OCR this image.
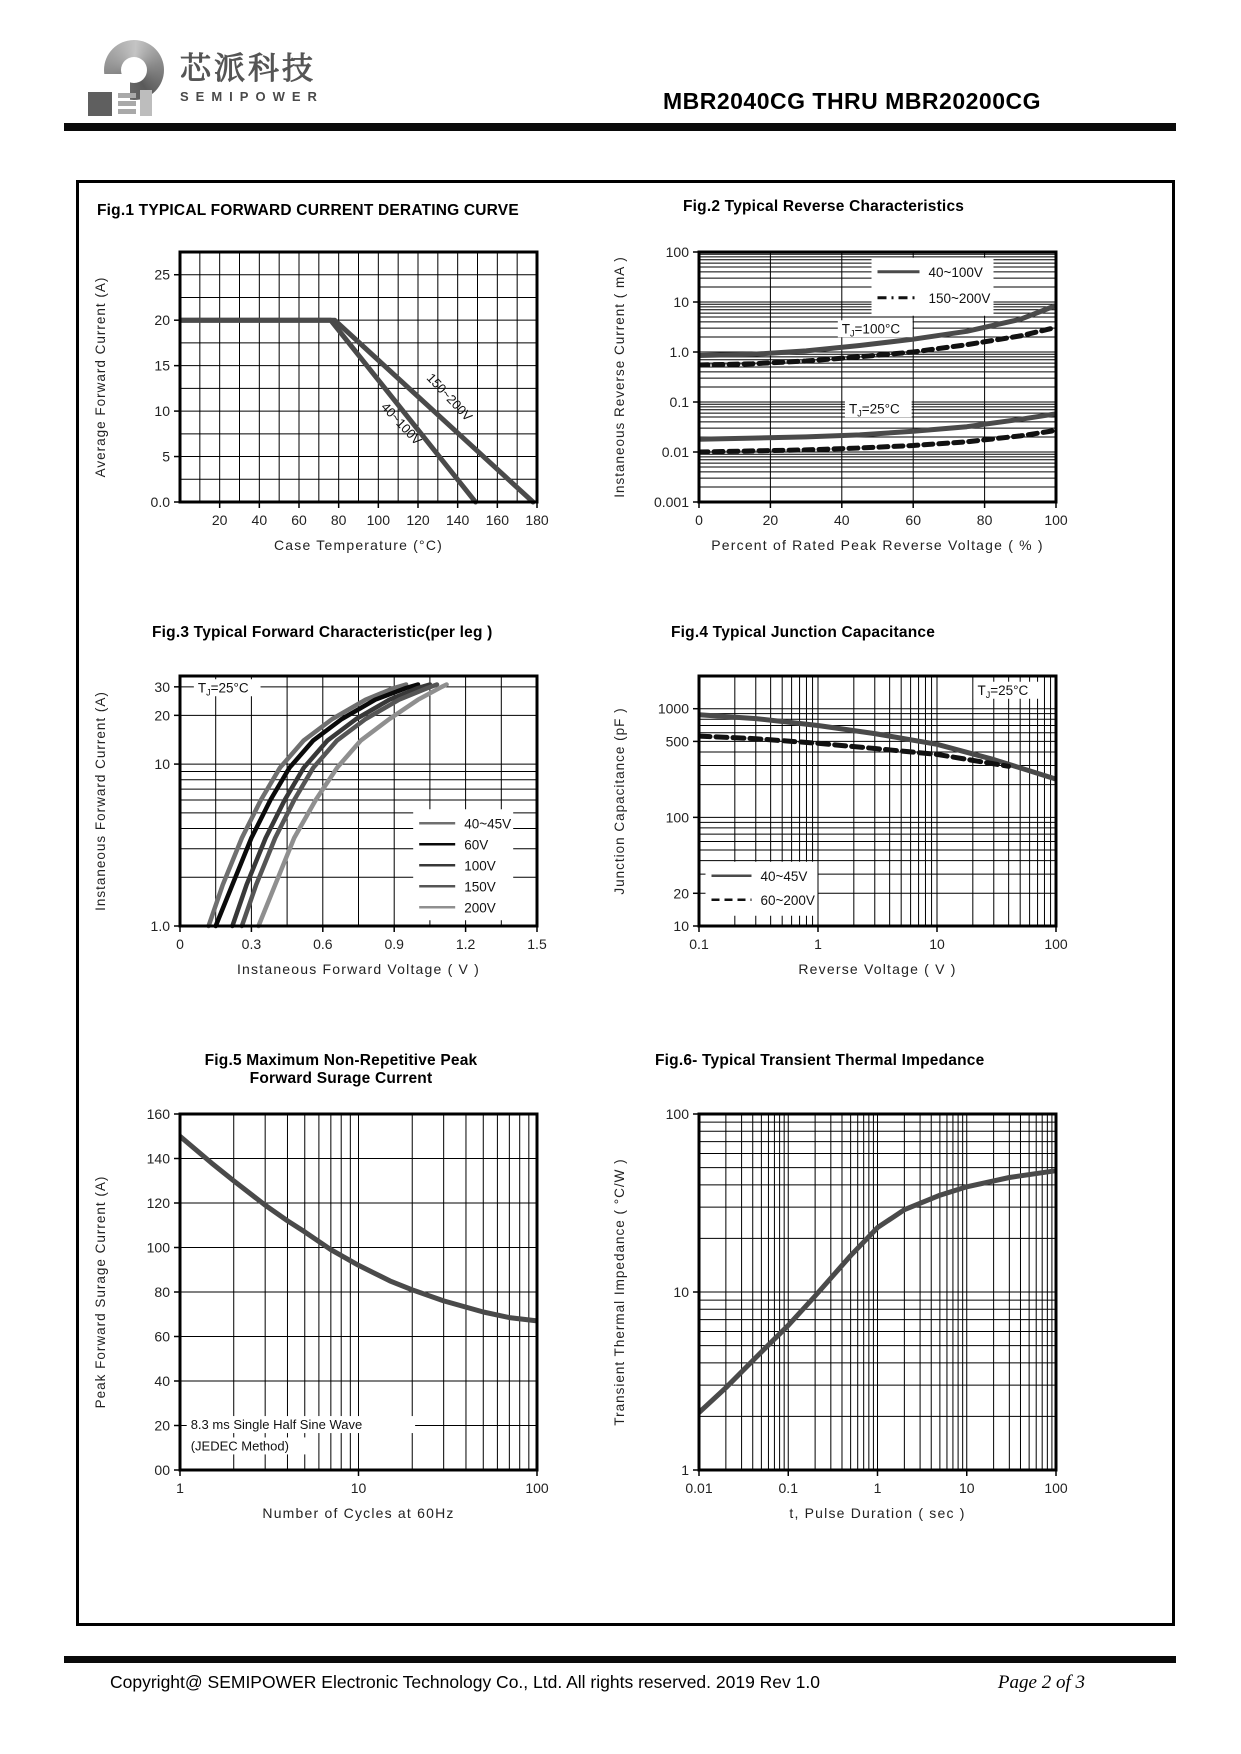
芯派科技
SEMIPOWER	MBR2040CG THRU MBR20200CG
Fig.1 TYPICAL FORWARD CURRENT DERATING CURVE
20 40 60 80 100 120 140 160 180
0.0
5
10
15
20
25
Case Temperature (°C)
Average Forward Current (A)	150~200V
40~100V
Fig.2 Typical Reverse Characteristics
0	20	40	60	80	100
100
10
1.0
0.1
0.01
0.001
Percent of Rated Peak Reverse Voltage ( % )
Instaneous Reverse Current ( mA )	40~100V
150~200V
$T_J=100^\circ C$
$T_J=25^\circ C$
Fig.3 Typical Forward Characteristic(per leg )
0	0.3	0.6	0.9	1.2	1.5
30
20
10
1.0
Instaneous Forward Voltage ( V )
Instaneous Forward Current (A)	40~45V
60V
100V
150V
200V
$T_J=25^\circ C$
Fig.4 Typical Junction Capacitance
0.1	1	10	100
1000
500
100
20
10
Reverse Voltage ( V )
Junction Capacitance (pF )	40~45V
60~200V
$T_J=25^\circ C$
Fig.5 Maximum Non-Repetitive Peak
Forward Surage Current
1	10	100
00
20
40
60
80
100
120
140
160
Number of Cycles at 60Hz
Peak Forward Surage Current (A)
8.3 ms Single Half Sine Wave
(JEDEC Method)
Fig.6- Typical Transient Thermal Impedance
0.01	0.1	1	10	100
1
10
100
t, Pulse Duration ( sec )
Transient Thermal Impedance ( °C/W )
Copyright@ SEMIPOWER Electronic Technology Co., Ltd. All rights reserved. 2019 Rev 1.0	Page 2 of 3
